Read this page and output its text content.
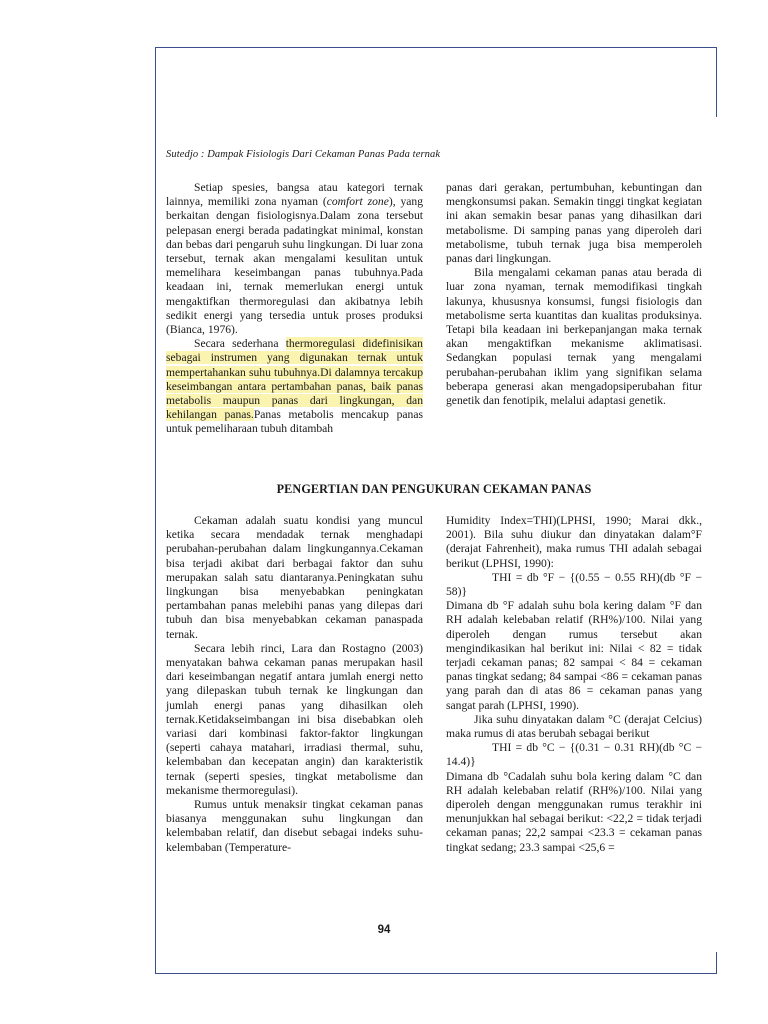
Sutedjo : Dampak Fisiologis Dari Cekaman Panas Pada ternak

Setiap spesies, bangsa atau kategori ternak lainnya, memiliki zona nyaman (comfort zone), yang berkaitan dengan fisiologisnya.Dalam zona tersebut pelepasan energi berada padatingkat minimal, konstan dan bebas dari pengaruh suhu lingkungan. Di luar zona tersebut, ternak akan mengalami kesulitan untuk memelihara keseimbangan panas tubuhnya.Pada keadaan ini, ternak memerlukan energi untuk mengaktifkan thermoregulasi dan akibatnya lebih sedikit energi yang tersedia untuk proses produksi (Bianca, 1976).

Secara sederhana thermoregulasi didefinisikan sebagai instrumen yang digunakan ternak untuk mempertahankan suhu tubuhnya.Di dalamnya tercakup keseimbangan antara pertambahan panas, baik panas metabolis maupun panas dari lingkungan, dan kehilangan panas.Panas metabolis mencakup panas untuk pemeliharaan tubuh ditambah

panas dari gerakan, pertumbuhan, kebuntingan dan mengkonsumsi pakan. Semakin tinggi tingkat kegiatan ini akan semakin besar panas yang dihasilkan dari metabolisme. Di samping panas yang diperoleh dari metabolisme, tubuh ternak juga bisa memperoleh panas dari lingkungan.

Bila mengalami cekaman panas atau berada di luar zona nyaman, ternak memodifikasi tingkah lakunya, khususnya konsumsi, fungsi fisiologis dan metabolisme serta kuantitas dan kualitas produksinya. Tetapi bila keadaan ini berkepanjangan maka ternak akan mengaktifkan mekanisme aklimatisasi. Sedangkan populasi ternak yang mengalami perubahan-perubahan iklim yang signifikan selama beberapa generasi akan mengadopsiperubahan fitur genetik dan fenotipik, melalui adaptasi genetik.

PENGERTIAN DAN PENGUKURAN CEKAMAN PANAS

Cekaman adalah suatu kondisi yang muncul ketika secara mendadak ternak menghadapi perubahan-perubahan dalam lingkungannya.Cekaman bisa terjadi akibat dari berbagai faktor dan suhu merupakan salah satu diantaranya.Peningkatan suhu lingkungan bisa menyebabkan peningkatan pertambahan panas melebihi panas yang dilepas dari tubuh dan bisa menyebabkan cekaman panaspada ternak.

Secara lebih rinci, Lara dan Rostagno (2003) menyatakan bahwa cekaman panas merupakan hasil dari keseimbangan negatif antara jumlah energi netto yang dilepaskan tubuh ternak ke lingkungan dan jumlah energi panas yang dihasilkan oleh ternak.Ketidakseimbangan ini bisa disebabkan oleh variasi dari kombinasi faktor-faktor lingkungan (seperti cahaya matahari, irradiasi thermal, suhu, kelembaban dan kecepatan angin) dan karakteristik ternak (seperti spesies, tingkat metabolisme dan mekanisme thermoregulasi).

Rumus untuk menaksir tingkat cekaman panas biasanya menggunakan suhu lingkungan dan kelembaban relatif, dan disebut sebagai indeks suhu-kelembaban (Temperature-

Humidity Index=THI)(LPHSI, 1990; Marai dkk., 2001). Bila suhu diukur dan dinyatakan dalam°F (derajat Fahrenheit), maka rumus THI adalah sebagai berikut (LPHSI, 1990):

THI = db °F − {(0.55 − 0.55 RH)(db °F − 58)}

Dimana db °F adalah suhu bola kering dalam °F dan RH adalah kelebaban relatif (RH%)/100. Nilai yang diperoleh dengan rumus tersebut akan mengindikasikan hal berikut ini: Nilai < 82 = tidak terjadi cekaman panas; 82 sampai < 84 = cekaman panas tingkat sedang; 84 sampai <86 = cekaman panas yang parah dan di atas 86 = cekaman panas yang sangat parah (LPHSI, 1990).

Jika suhu dinyatakan dalam °C (derajat Celcius) maka rumus di atas berubah sebagai berikut

THI = db °C − {(0.31 − 0.31 RH)(db °C − 14.4)}

Dimana db °Cadalah suhu bola kering dalam °C dan RH adalah kelebaban relatif (RH%)/100. Nilai yang diperoleh dengan menggunakan rumus terakhir ini menunjukkan hal sebagai berikut: <22,2 = tidak terjadi cekaman panas; 22,2 sampai <23.3 = cekaman panas tingkat sedang; 23.3 sampai <25,6 =

94
